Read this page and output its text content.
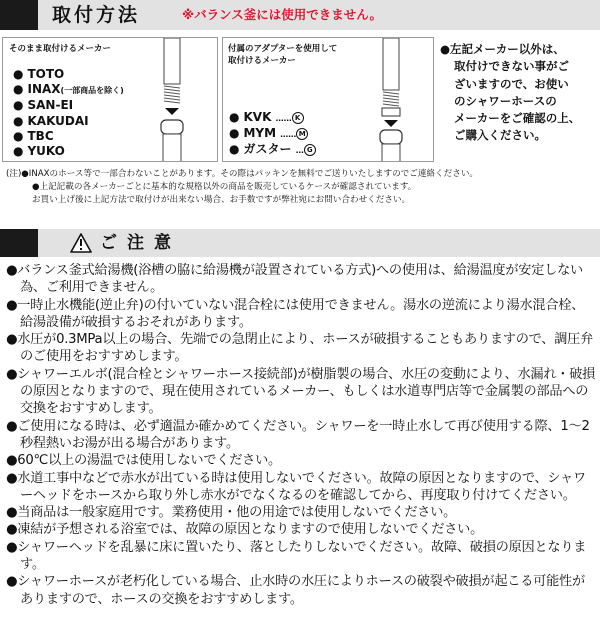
取付方法	※バランス釜には使用できません。
そのまま取付けるメーカー
● TOTO
● INAX(一部商品を除く)
● SAN-EI
● KAKUDAI
● TBC
● YUKO
付属のアダプターを使用して
取付けるメーカー
● KVK …… K
● MYM …… M
● ガスター … G
●左記メーカー以外は、
取付けできない事がご
ざいますので、お使い
のシャワーホースの
メーカーをご確認の上、
ご購入ください。
(注)●INAXのホース等で一部合わないことがあります。その際はパッキンを無料でご送りいたしますのでご連絡ください。
●上記記載の各メーカーごとに基本的な規格以外の商品を販売しているケースが確認されています。
お買い上げ後に上記方法で取付けが出来ない場合、お手数ですが弊社宛にお問い合わせください。
ご注意
●バランス釜式給湯機(浴槽の脇に給湯機が設置されている方式)への使用は、給湯温度が安定しない為、ご利用できません。
●一時止水機能(逆止弁)の付いていない混合栓には使用できません。湯水の逆流により湯水混合栓、給湯設備が破損するおそれがあります。
●水圧が0.3MPa以上の場合、先端での急閉止により、ホースが破損することもありますので、調圧弁のご使用をおすすめします。
●シャワーエルボ(混合栓とシャワーホース接続部)が樹脂製の場合、水圧の変動により、水漏れ・破損の原因となりますので、現在使用されているメーカー、もしくは水道専門店等で金属製の部品への交換をおすすめします。
●ご使用になる時は、必ず適温か確かめてください。シャワーを一時止水して再び使用する際、1〜2秒程熱いお湯が出る場合があります。
●60℃以上の湯温では使用しないでください。
●水道工事中などで赤水が出ている時は使用しないでください。故障の原因となりますので、シャワーヘッドをホースから取り外し赤水がでなくなるのを確認してから、再度取り付けてください。
●当商品は一般家庭用です。業務使用・他の用途では使用しないでください。
●凍結が予想される浴室では、故障の原因となりますので使用しないでください。
●シャワーヘッドを乱暴に床に置いたり、落としたりしないでください。故障、破損の原因となります。
●シャワーホースが老朽化している場合、止水時の水圧によりホースの破裂や破損が起こる可能性がありますので、ホースの交換をおすすめします。
